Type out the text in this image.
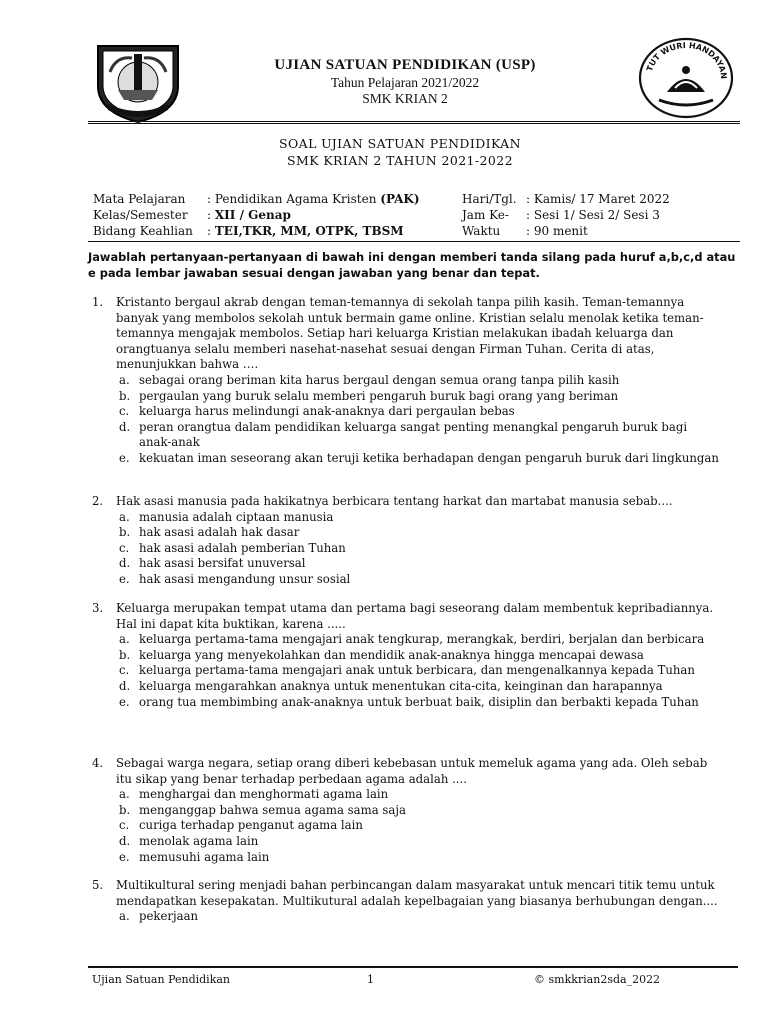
TUT WURI HANDAYAN
UJIAN SATUAN PENDIDIKAN (USP)
Tahun Pelajaran 2021/2022
SMK KRIAN 2
SOAL UJIAN SATUAN PENDIDIKAN
SMK KRIAN 2 TAHUN 2021-2022
Mata Pelajaran : Pendidikan Agama Kristen (PAK)
Kelas/Semester : XII / Genap
Bidang Keahlian : TEI,TKR, MM, OTPK, TBSM
Hari/Tgl. : Kamis/ 17 Maret 2022
Jam Ke- : Sesi 1/ Sesi 2/ Sesi 3
Waktu : 90 menit
Jawablah pertanyaan-pertanyaan di bawah ini dengan memberi tanda silang pada huruf a,b,c,d atau e pada lembar jawaban sesuai dengan jawaban yang benar dan tepat.
1. Kristanto bergaul akrab dengan teman-temannya di sekolah tanpa pilih kasih. Teman-temannya banyak yang membolos sekolah untuk bermain game online. Kristian selalu menolak ketika teman-temannya mengajak membolos. Setiap hari keluarga Kristian melakukan ibadah keluarga dan orangtuanya selalu memberi nasehat-nasehat sesuai dengan Firman Tuhan. Cerita di atas, menunjukkan bahwa ….
a. sebagai orang beriman kita harus bergaul dengan semua orang tanpa pilih kasih
b. pergaulan yang buruk selalu memberi pengaruh buruk bagi orang yang beriman
c. keluarga harus melindungi anak-anaknya dari pergaulan bebas
d. peran orangtua dalam pendidikan keluarga sangat penting menangkal pengaruh buruk bagi anak-anak
e. kekuatan iman seseorang akan teruji ketika berhadapan dengan pengaruh buruk dari lingkungan
2. Hak asasi manusia pada hakikatnya berbicara tentang harkat dan martabat manusia sebab....
a. manusia adalah ciptaan manusia
b. hak asasi adalah hak dasar
c. hak asasi adalah pemberian Tuhan
d. hak asasi bersifat unuversal
e. hak asasi mengandung unsur sosial
3. Keluarga merupakan tempat utama dan pertama bagi seseorang dalam membentuk kepribadiannya. Hal ini dapat kita buktikan, karena .....
a. keluarga pertama-tama mengajari anak tengkurap, merangkak, berdiri, berjalan dan berbicara
b. keluarga yang menyekolahkan dan mendidik anak-anaknya hingga mencapai dewasa
c. keluarga pertama-tama mengajari anak untuk berbicara, dan mengenalkannya kepada Tuhan
d. keluarga mengarahkan anaknya untuk menentukan cita-cita, keinginan dan harapannya
e. orang tua membimbing anak-anaknya untuk berbuat baik, disiplin dan berbakti kepada Tuhan
4. Sebagai warga negara, setiap orang diberi kebebasan untuk memeluk agama yang ada. Oleh sebab itu sikap yang benar terhadap perbedaan agama adalah ....
a. menghargai dan menghormati agama lain
b. menganggap bahwa semua agama sama saja
c. curiga terhadap penganut agama lain
d. menolak agama lain
e. memusuhi agama lain
5. Multikultural sering menjadi bahan perbincangan dalam masyarakat untuk mencari titik temu untuk mendapatkan kesepakatan. Multikutural adalah kepelbagaian yang biasanya berhubungan dengan....
a. pekerjaan
Ujian Satuan Pendidikan	1	© smkkrian2sda_2022
